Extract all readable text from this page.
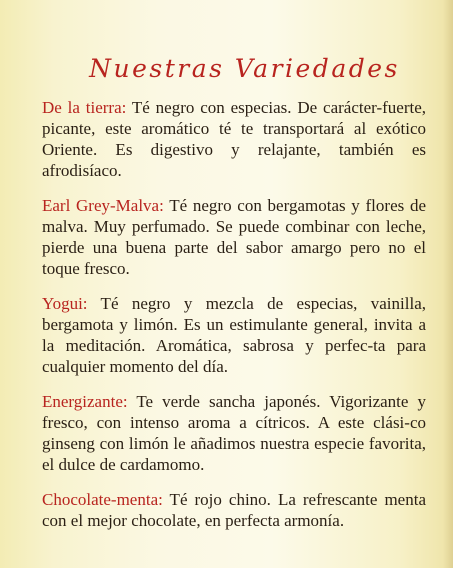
Nuestras Variedades

De la tierra: Té negro con especias. De carácter-fuerte, picante, este aromático té te transportará al exótico Oriente. Es digestivo y relajante, también es afrodisíaco.

Earl Grey-Malva: Té negro con bergamotas y flores de malva. Muy perfumado. Se puede combinar con leche, pierde una buena parte del sabor amargo pero no el toque fresco.

Yogui: Té negro y mezcla de especias, vainilla, bergamota y limón. Es un estimulante general, invita a la meditación. Aromática, sabrosa y perfec-ta para cualquier momento del día.

Energizante: Te verde sancha japonés. Vigorizante y fresco, con intenso aroma a cítricos. A este clási-co ginseng con limón le añadimos nuestra especie favorita, el dulce de cardamomo.

Chocolate-menta: Té rojo chino. La refrescante menta con el mejor chocolate, en perfecta armonía.
